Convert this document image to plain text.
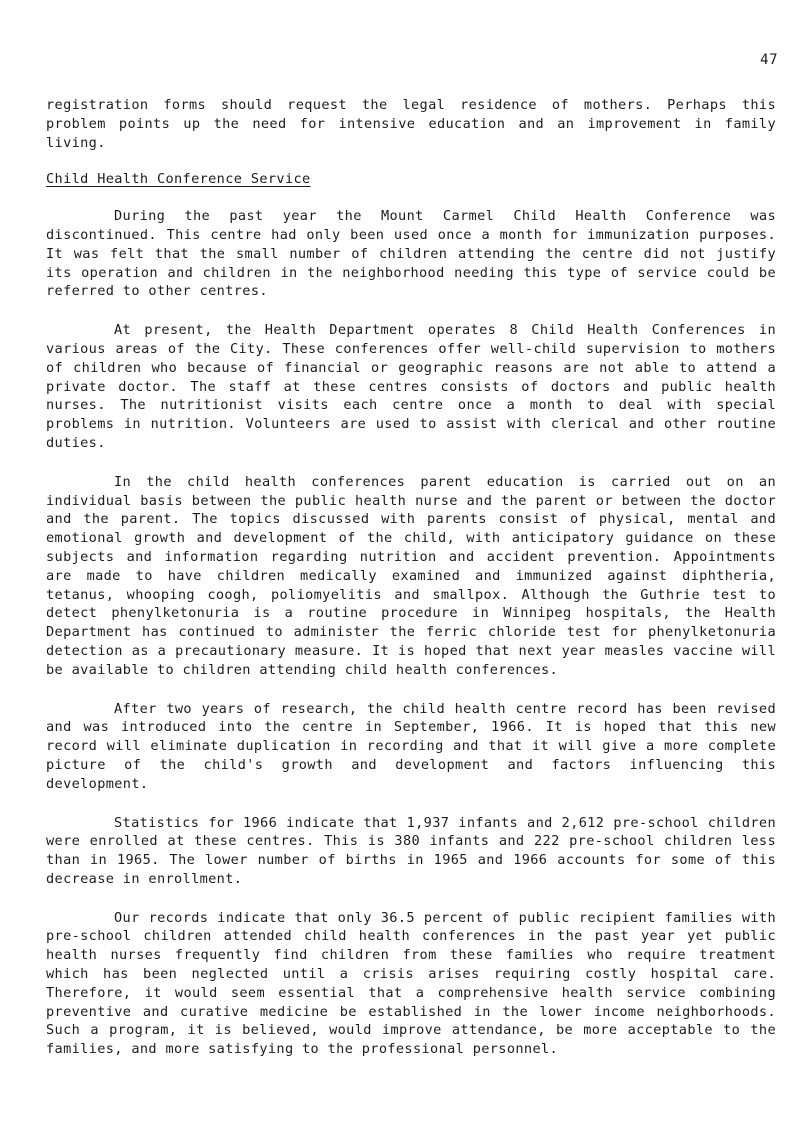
47

registration forms should request the legal residence of mothers. Perhaps this problem points up the need for intensive education and an improvement in family living.

Child Health Conference Service

During the past year the Mount Carmel Child Health Conference was discontinued. This centre had only been used once a month for immunization purposes. It was felt that the small number of children attending the centre did not justify its operation and children in the neighborhood needing this type of service could be referred to other centres.

At present, the Health Department operates 8 Child Health Conferences in various areas of the City. These conferences offer well-child supervision to mothers of children who because of financial or geographic reasons are not able to attend a private doctor. The staff at these centres consists of doctors and public health nurses. The nutritionist visits each centre once a month to deal with special problems in nutrition. Volunteers are used to assist with clerical and other routine duties.

In the child health conferences parent education is carried out on an individual basis between the public health nurse and the parent or between the doctor and the parent. The topics discussed with parents consist of physical, mental and emotional growth and development of the child, with anticipatory guidance on these subjects and information regarding nutrition and accident prevention. Appointments are made to have children medically examined and immunized against diphtheria, tetanus, whooping coogh, poliomyelitis and smallpox. Although the Guthrie test to detect phenylketonuria is a routine procedure in Winnipeg hospitals, the Health Department has continued to administer the ferric chloride test for phenylketonuria detection as a precautionary measure. It is hoped that next year measles vaccine will be available to children attending child health conferences.

After two years of research, the child health centre record has been revised and was introduced into the centre in September, 1966. It is hoped that this new record will eliminate duplication in recording and that it will give a more complete picture of the child's growth and development and factors influencing this development.

Statistics for 1966 indicate that 1,937 infants and 2,612 pre-school children were enrolled at these centres. This is 380 infants and 222 pre-school children less than in 1965. The lower number of births in 1965 and 1966 accounts for some of this decrease in enrollment.

Our records indicate that only 36.5 percent of public recipient families with pre-school children attended child health conferences in the past year yet public health nurses frequently find children from these families who require treatment which has been neglected until a crisis arises requiring costly hospital care. Therefore, it would seem essential that a comprehensive health service combining preventive and curative medicine be established in the lower income neighborhoods. Such a program, it is believed, would improve attendance, be more acceptable to the families, and more satisfying to the professional personnel.
